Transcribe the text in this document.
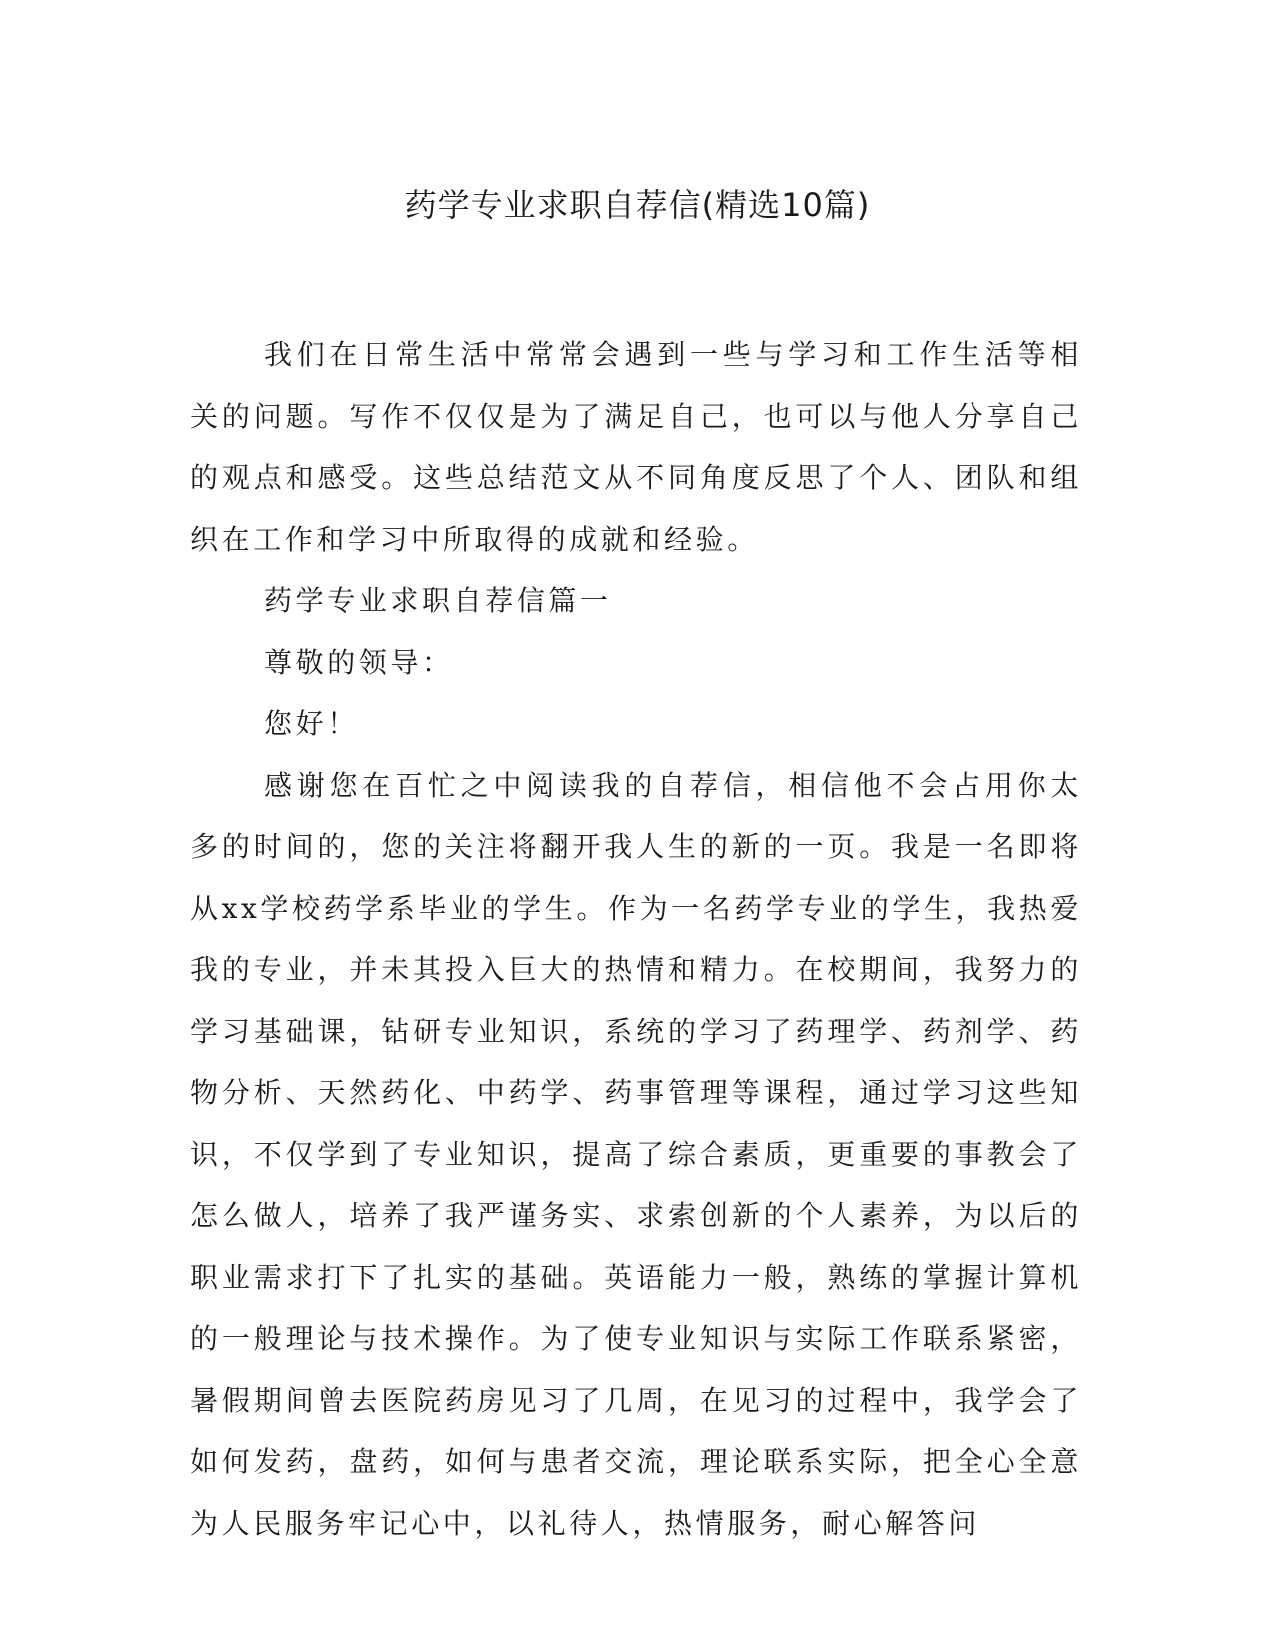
药学专业求职自荐信(精选10篇)

我们在日常生活中常常会遇到一些与学习和工作生活等相关的问题。写作不仅仅是为了满足自己，也可以与他人分享自己的观点和感受。这些总结范文从不同角度反思了个人、团队和组织在工作和学习中所取得的成就和经验。

药学专业求职自荐信篇一

尊敬的领导：

您好！

感谢您在百忙之中阅读我的自荐信，相信他不会占用你太多的时间的，您的关注将翻开我人生的新的一页。我是一名即将从xx学校药学系毕业的学生。作为一名药学专业的学生，我热爱我的专业，并未其投入巨大的热情和精力。在校期间，我努力的学习基础课，钻研专业知识，系统的学习了药理学、药剂学、药物分析、天然药化、中药学、药事管理等课程，通过学习这些知识，不仅学到了专业知识，提高了综合素质，更重要的事教会了怎么做人，培养了我严谨务实、求索创新的个人素养，为以后的职业需求打下了扎实的基础。英语能力一般，熟练的掌握计算机的一般理论与技术操作。为了使专业知识与实际工作联系紧密，暑假期间曾去医院药房见习了几周，在见习的过程中，我学会了如何发药，盘药，如何与患者交流，理论联系实际，把全心全意为人民服务牢记心中，以礼待人，热情服务，耐心解答问
